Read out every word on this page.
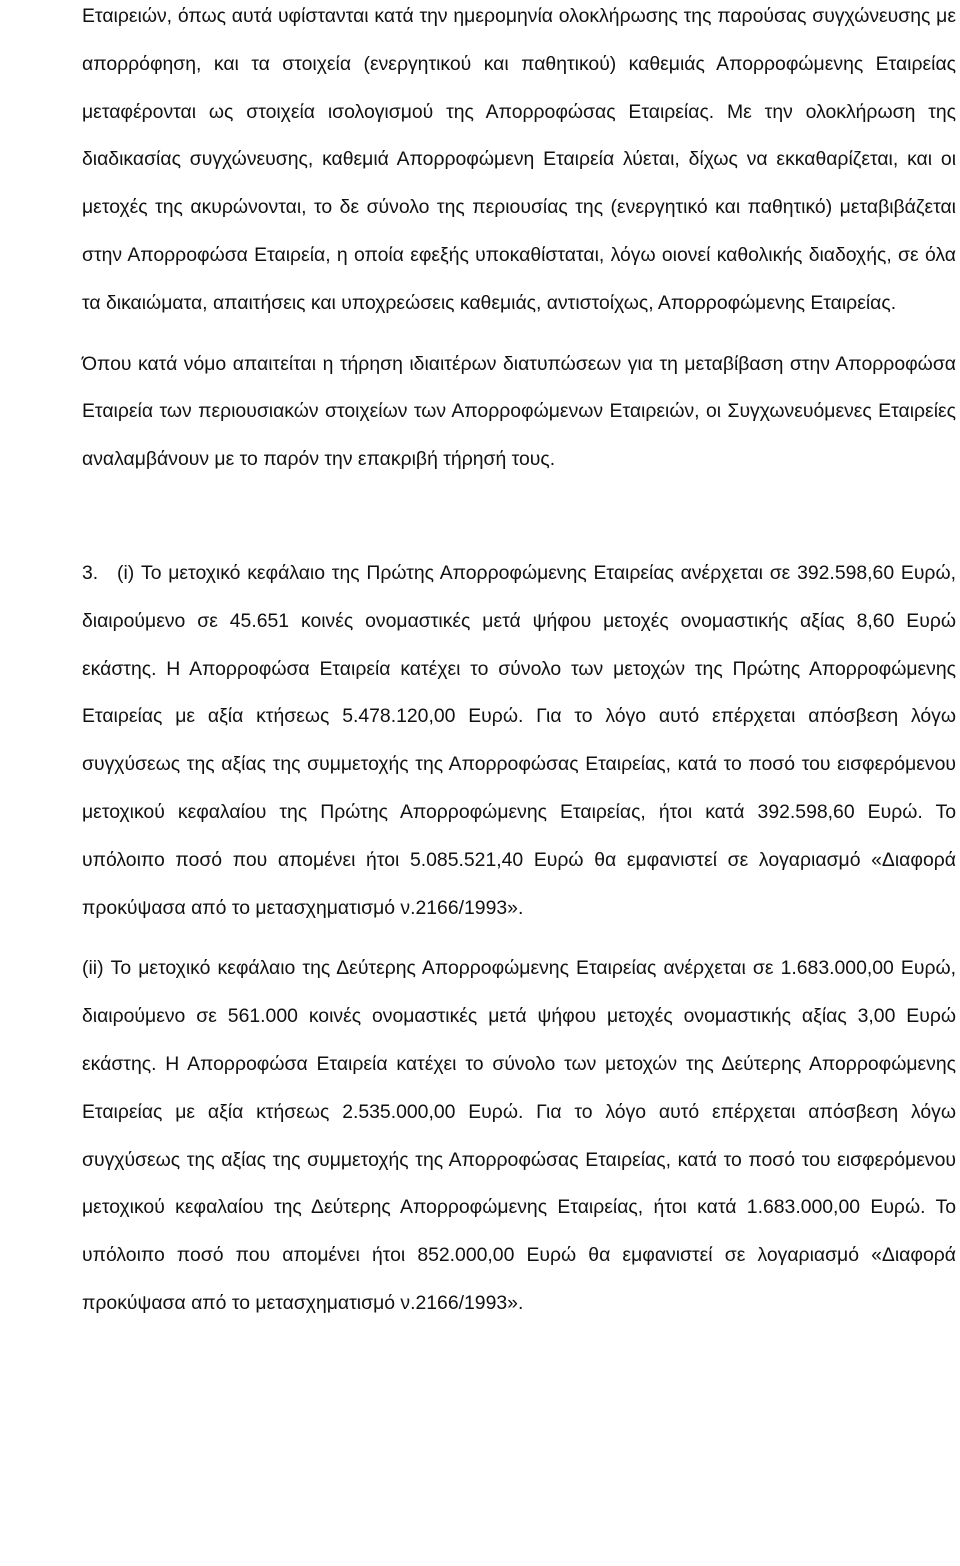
Εταιρειών, όπως αυτά υφίστανται κατά την ημερομηνία ολοκλήρωσης της παρούσας συγχώνευσης με απορρόφηση, και τα στοιχεία (ενεργητικού και παθητικού) καθεμιάς Απορροφώμενης Εταιρείας μεταφέρονται ως στοιχεία ισολογισμού της Απορροφώσας Εταιρείας. Με την ολοκλήρωση της διαδικασίας συγχώνευσης, καθεμιά Απορροφώμενη Εταιρεία λύεται, δίχως να εκκαθαρίζεται, και οι μετοχές της ακυρώνονται, το δε σύνολο της περιουσίας της (ενεργητικό και παθητικό) μεταβιβάζεται στην Απορροφώσα Εταιρεία, η οποία εφεξής υποκαθίσταται, λόγω οιονεί καθολικής διαδοχής, σε όλα τα δικαιώματα, απαιτήσεις και υποχρεώσεις καθεμιάς, αντιστοίχως, Απορροφώμενης Εταιρείας.

Όπου κατά νόμο απαιτείται η τήρηση ιδιαιτέρων διατυπώσεων για τη μεταβίβαση στην Απορροφώσα Εταιρεία των περιουσιακών στοιχείων των Απορροφώμενων Εταιρειών, οι Συγχωνευόμενες Εταιρείες αναλαμβάνουν με το παρόν την επακριβή τήρησή τους.

3. (i) Το μετοχικό κεφάλαιο της Πρώτης Απορροφώμενης Εταιρείας ανέρχεται σε 392.598,60 Ευρώ, διαιρούμενο σε 45.651 κοινές ονομαστικές μετά ψήφου μετοχές ονομαστικής αξίας 8,60 Ευρώ εκάστης. Η Απορροφώσα Εταιρεία κατέχει το σύνολο των μετοχών της Πρώτης Απορροφώμενης Εταιρείας με αξία κτήσεως 5.478.120,00 Ευρώ. Για το λόγο αυτό επέρχεται απόσβεση λόγω συγχύσεως της αξίας της συμμετοχής της Απορροφώσας Εταιρείας, κατά το ποσό του εισφερόμενου μετοχικού κεφαλαίου της Πρώτης Απορροφώμενης Εταιρείας, ήτοι κατά 392.598,60 Ευρώ. Το υπόλοιπο ποσό που απομένει ήτοι 5.085.521,40 Ευρώ θα εμφανιστεί σε λογαριασμό «Διαφορά προκύψασα από το μετασχηματισμό ν.2166/1993».

(ii) Το μετοχικό κεφάλαιο της Δεύτερης Απορροφώμενης Εταιρείας ανέρχεται σε 1.683.000,00 Ευρώ, διαιρούμενο σε 561.000 κοινές ονομαστικές μετά ψήφου μετοχές ονομαστικής αξίας 3,00 Ευρώ εκάστης. Η Απορροφώσα Εταιρεία κατέχει το σύνολο των μετοχών της Δεύτερης Απορροφώμενης Εταιρείας με αξία κτήσεως 2.535.000,00 Ευρώ. Για το λόγο αυτό επέρχεται απόσβεση λόγω συγχύσεως της αξίας της συμμετοχής της Απορροφώσας Εταιρείας, κατά το ποσό του εισφερόμενου μετοχικού κεφαλαίου της Δεύτερης Απορροφώμενης Εταιρείας, ήτοι κατά 1.683.000,00 Ευρώ. Το υπόλοιπο ποσό που απομένει ήτοι 852.000,00 Ευρώ θα εμφανιστεί σε λογαριασμό «Διαφορά προκύψασα από το μετασχηματισμό ν.2166/1993».
